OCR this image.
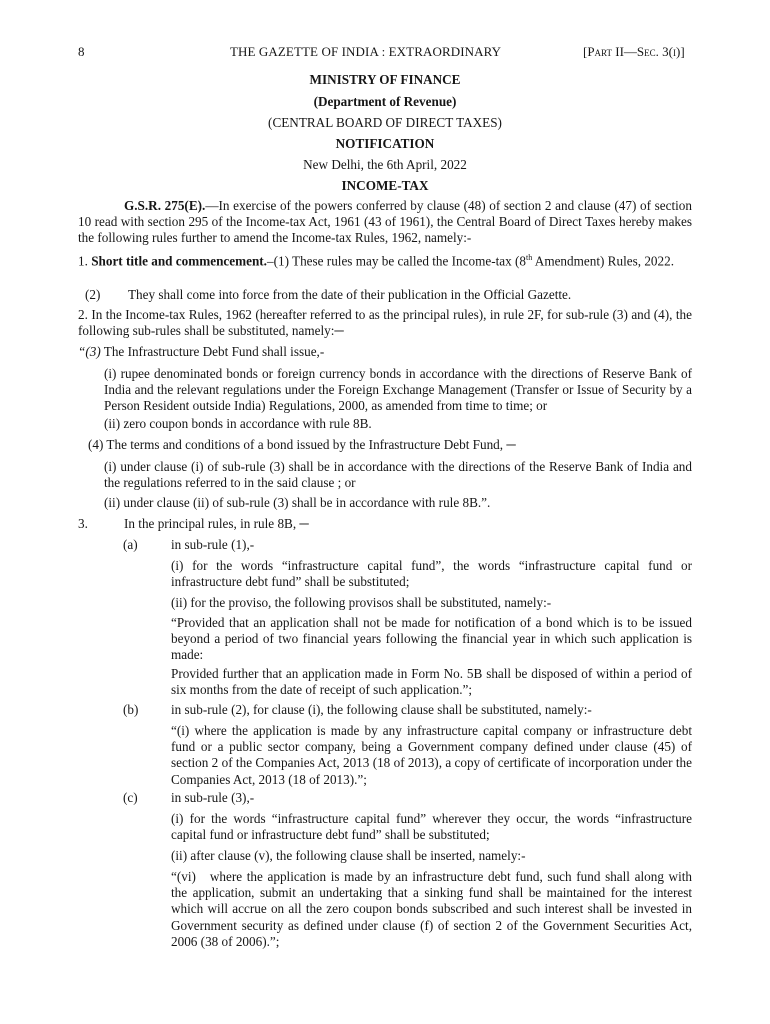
8	THE GAZETTE OF INDIA : EXTRAORDINARY	[Part II—Sec. 3(i)]
MINISTRY OF FINANCE
(Department of Revenue)
(CENTRAL BOARD OF DIRECT TAXES)
NOTIFICATION
New Delhi, the 6th April, 2022
INCOME-TAX

G.S.R. 275(E).—In exercise of the powers conferred by clause (48) of section 2 and clause (47) of section 10 read with section 295 of the Income-tax Act, 1961 (43 of 1961), the Central Board of Direct Taxes hereby makes the following rules further to amend the Income-tax Rules, 1962, namely:-

1. Short title and commencement.–(1) These rules may be called the Income-tax (8th Amendment) Rules, 2022.

(2) They shall come into force from the date of their publication in the Official Gazette.

2. In the Income-tax Rules, 1962 (hereafter referred to as the principal rules), in rule 2F, for sub-rule (3) and (4), the following sub-rules shall be substituted, namely:─

“(3) The Infrastructure Debt Fund shall issue,-

(i) rupee denominated bonds or foreign currency bonds in accordance with the directions of Reserve Bank of India and the relevant regulations under the Foreign Exchange Management (Transfer or Issue of Security by a Person Resident outside India) Regulations, 2000, as amended from time to time; or

(ii) zero coupon bonds in accordance with rule 8B.

(4) The terms and conditions of a bond issued by the Infrastructure Debt Fund, ─

(i) under clause (i) of sub-rule (3) shall be in accordance with the directions of the Reserve Bank of India and the regulations referred to in the said clause ; or

(ii) under clause (ii) of sub-rule (3) shall be in accordance with rule 8B.”.

3.	In the principal rules, in rule 8B, ─
(a)	in sub-rule (1),-

(i) for the words “infrastructure capital fund”, the words “infrastructure capital fund or infrastructure debt fund” shall be substituted;

(ii) for the proviso, the following provisos shall be substituted, namely:-

“Provided that an application shall not be made for notification of a bond which is to be issued beyond a period of two financial years following the financial year in which such application is made:

Provided further that an application made in Form No. 5B shall be disposed of within a period of six months from the date of receipt of such application.”;

(b) in sub-rule (2), for clause (i), the following clause shall be substituted, namely:-

“(i) where the application is made by any infrastructure capital company or infrastructure debt fund or a public sector company, being a Government company defined under clause (45) of section 2 of the Companies Act, 2013 (18 of 2013), a copy of certificate of incorporation under the Companies Act, 2013 (18 of 2013).”;

(c)	in sub-rule (3),-

(i) for the words “infrastructure capital fund” wherever they occur, the words “infrastructure capital fund or infrastructure debt fund” shall be substituted;

(ii) after clause (v), the following clause shall be inserted, namely:-

“(vi) where the application is made by an infrastructure debt fund, such fund shall along with the application, submit an undertaking that a sinking fund shall be maintained for the interest which will accrue on all the zero coupon bonds subscribed and such interest shall be invested in Government security as defined under clause (f) of section 2 of the Government Securities Act, 2006 (38 of 2006).”;
